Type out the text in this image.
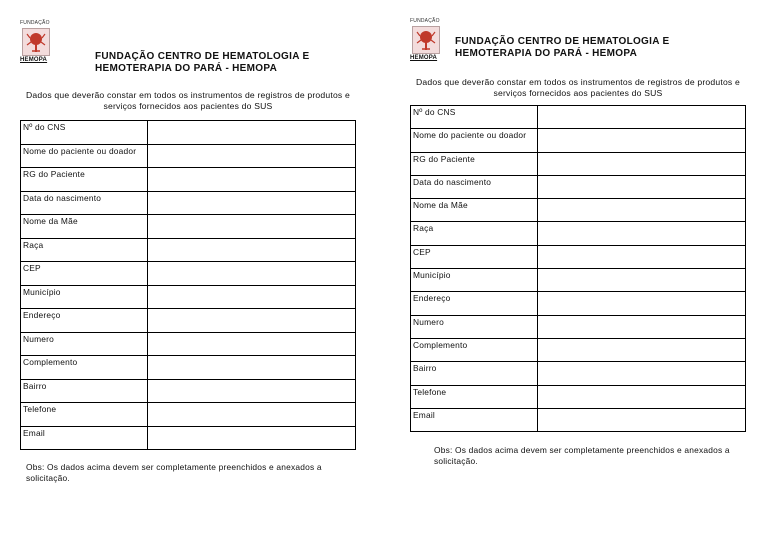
FUNDAÇÃO
HEMOPA	FUNDAÇÃO CENTRO DE HEMATOLOGIA E
HEMOTERAPIA DO PARÁ - HEMOPA
Dados que deverão constar em todos os instrumentos de registros de produtos e serviços fornecidos aos pacientes do SUS
Nº do CNS	
Nome do paciente ou doador	
RG do Paciente	
Data do nascimento	
Nome da Mãe	
Raça	
CEP	
Município	
Endereço	
Numero	
Complemento	
Bairro	
Telefone	
Email	
Obs: Os dados acima devem ser completamente preenchidos e anexados a solicitação.
FUNDAÇÃO
HEMOPA
FUNDAÇÃO CENTRO DE HEMATOLOGIA E
HEMOTERAPIA DO PARÁ - HEMOPA
Dados que deverão constar em todos os instrumentos de registros de produtos e serviços fornecidos aos pacientes do SUS
Nº do CNS	
Nome do paciente ou doador	
RG do Paciente	
Data do nascimento	
Nome da Mãe	
Raça	
CEP	
Município	
Endereço	
Numero	
Complemento	
Bairro	
Telefone	
Email	
Obs: Os dados acima devem ser completamente preenchidos e anexados a solicitação.
